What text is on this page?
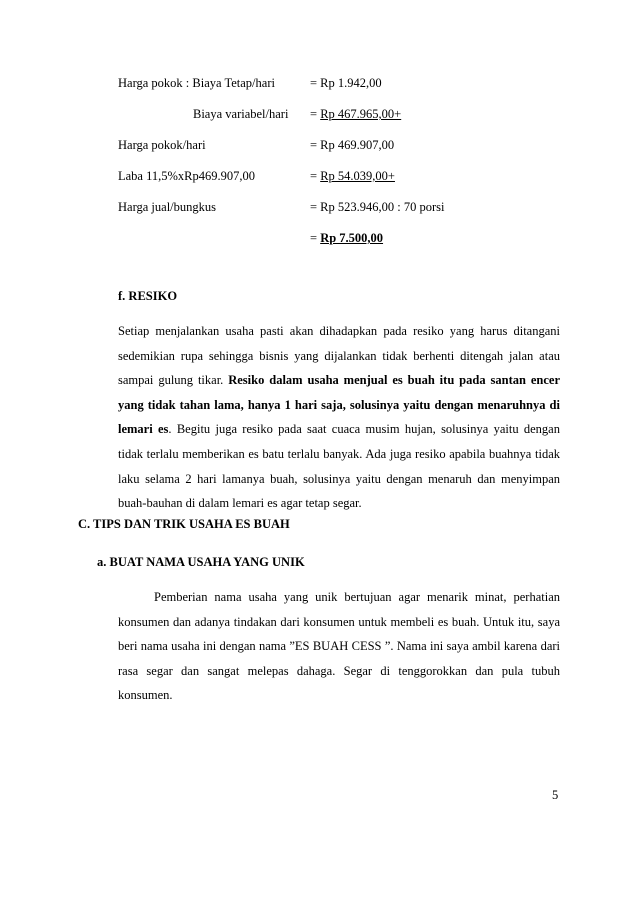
Harga pokok : Biaya Tetap/hari	= Rp 1.942,00
Biaya variabel/hari = Rp 467.965,00+
Harga pokok/hari	= Rp 469.907,00
Laba 11,5%xRp469.907,00	= Rp 54.039,00+
Harga jual/bungkus	= Rp 523.946,00 : 70 porsi
= Rp 7.500,00
f. RESIKO

Setiap menjalankan usaha pasti akan dihadapkan pada resiko yang harus ditangani sedemikian rupa sehingga bisnis yang dijalankan tidak berhenti ditengah jalan atau sampai gulung tikar. Resiko dalam usaha menjual es buah itu pada santan encer yang tidak tahan lama, hanya 1 hari saja, solusinya yaitu dengan menaruhnya di lemari es. Begitu juga resiko pada saat cuaca musim hujan, solusinya yaitu dengan tidak terlalu memberikan es batu terlalu banyak. Ada juga resiko apabila buahnya tidak laku selama 2 hari lamanya buah, solusinya yaitu dengan menaruh dan menyimpan buah-bauhan di dalam lemari es agar tetap segar.

C. TIPS DAN TRIK USAHA ES BUAH
a. BUAT NAMA USAHA YANG UNIK

Pemberian nama usaha yang unik bertujuan agar menarik minat, perhatian konsumen dan adanya tindakan dari konsumen untuk membeli es buah. Untuk itu, saya beri nama usaha ini dengan nama ”ES BUAH CESS ”. Nama ini saya ambil karena dari rasa segar dan sangat melepas dahaga. Segar di tenggorokkan dan pula tubuh konsumen.

5
